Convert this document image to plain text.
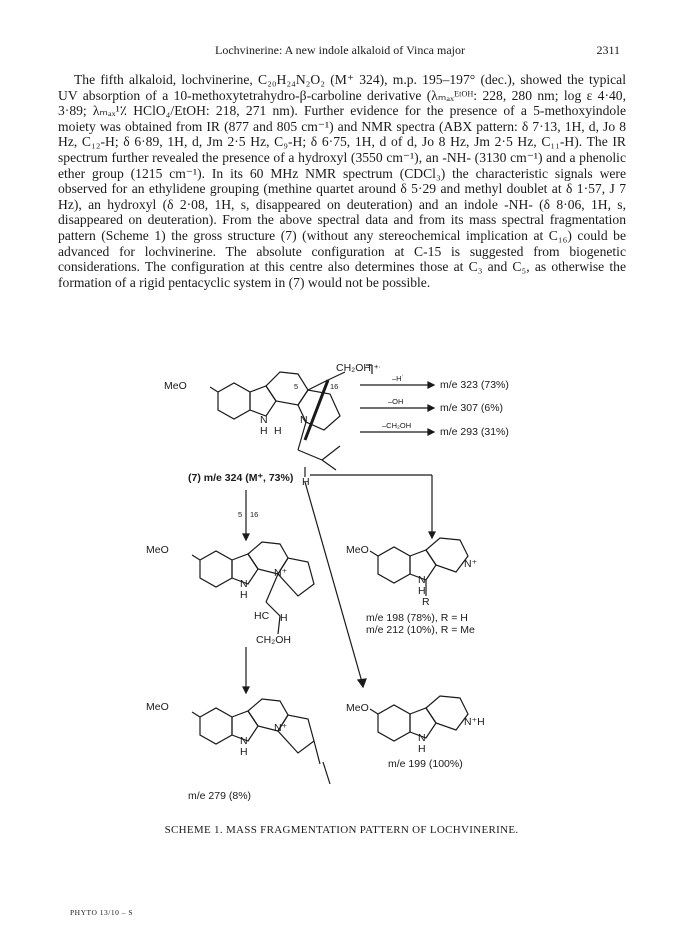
Lochvinerine: A new indole alkaloid of Vinca major	2311

The fifth alkaloid, lochvinerine, C₂₀H₂₄N₂O₂ (M⁺ 324), m.p. 195–197° (dec.), showed the typical UV absorption of a 10-methoxytetrahydro-β-carboline derivative (λₘₐₓᴱᵗᴼᴴ: 228, 280 nm; log ε 4·40, 3·89; λₘₐₓ¹٪ HClO₄/EtOH: 218, 271 nm). Further evidence for the presence of a 5-methoxyindole moiety was obtained from IR (877 and 805 cm⁻¹) and NMR spectra (ABX pattern: δ 7·13, 1H, d, Jo 8 Hz, C₁₂-H; δ 6·89, 1H, d, Jm 2·5 Hz, C₉-H; δ 6·75, 1H, d of d, Jo 8 Hz, Jm 2·5 Hz, C₁₁-H). The IR spectrum further revealed the presence of a hydroxyl (3550 cm⁻¹), an -NH- (3130 cm⁻¹) and a phenolic ether group (1215 cm⁻¹). In its 60 MHz NMR spectrum (CDCl₃) the characteristic signals were observed for an ethylidene grouping (methine quartet around δ 5·29 and methyl doublet at δ 1·57, J 7 Hz), an hydroxyl (δ 2·08, 1H, s, disappeared on deuteration) and an indole -NH- (δ 8·06, 1H, s, disappeared on deuteration). From the above spectral data and from its mass spectral fragmentation pattern (Scheme 1) the gross structure (7) (without any stereochemical implication at C₁₆) could be advanced for lochvinerine. The absolute configuration at C-15 is suggested from biogenetic considerations. The configuration at this centre also determines those at C₃ and C₅, as otherwise the formation of a rigid pentacyclic system in (7) would not be possible.

MeO
N
H H
N
5	16
CH₂OH +·
H
(7) m/e 324 (M⁺, 73%)
–H˙
m/e 323 (73%)
–OH
m/e 307 (6%)
–CH₂OH
m/e 293 (31%)
5 16
MeO
N
H
N⁺
HC H
CH₂OH
MeO
N
H
N⁺
R
m/e 198 (78%), R = H
m/e 212 (10%), R = Me
MeO
N
H
N⁺
m/e 279 (8%)
MeO
N
H
N⁺H
m/e 199 (100%)
SCHEME 1. MASS FRAGMENTATION PATTERN OF LOCHVINERINE.
PHYTO 13/10 – S
